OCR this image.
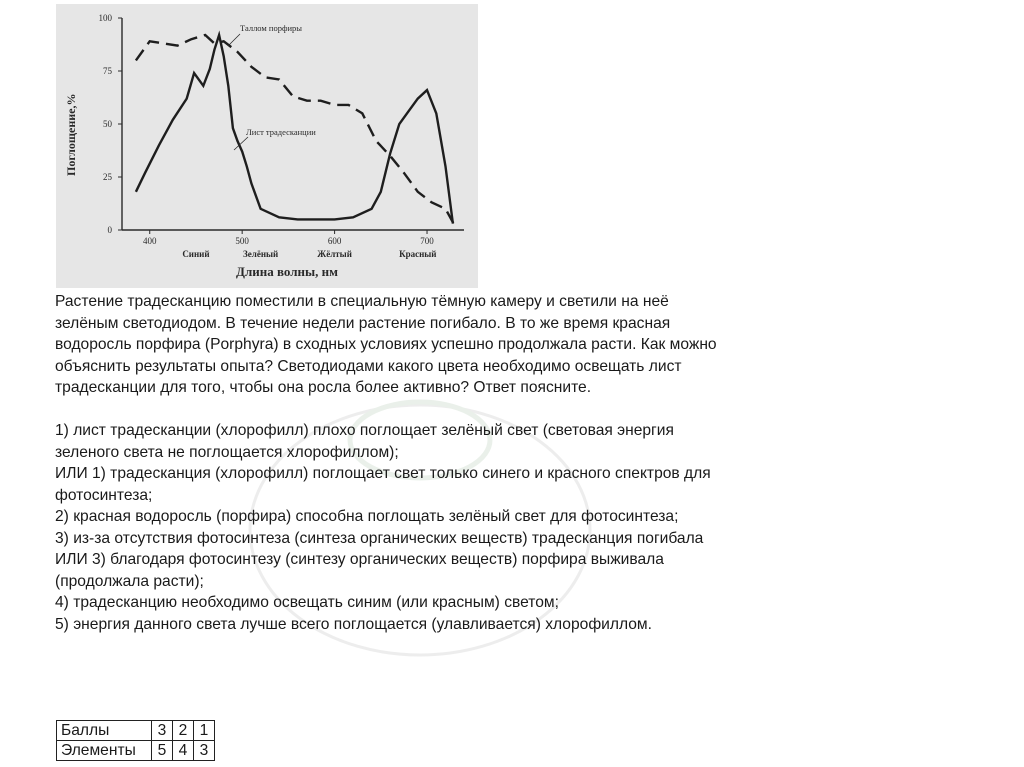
0
25
50
75
100
400	500	600	700
Таллом порфиры
Лист традесканции
Синий	Зелёный	Жёлтый	Красный
Длина волны, нм
Поглощение,%

Растение традесканцию поместили в специальную тёмную камеру и светили на неё зелёным светодиодом. В течение недели растение погибало. В то же время красная водоросль порфира (Porphyra) в сходных условиях успешно продолжала расти. Как можно объяснить результаты опыта? Светодиодами какого цвета необходимо освещать лист традесканции для того, чтобы она росла более активно? Ответ поясните.

1) лист традесканции (хлорофилл) плохо поглощает зелёный свет (световая энергия зеленого света не поглощается хлорофиллом);

ИЛИ 1) традесканция (хлорофилл) поглощает свет только синего и красного спектров для фотосинтеза;

2) красная водоросль (порфира) способна поглощать зелёный свет для фотосинтеза;

3) из-за отсутствия фотосинтеза (синтеза органических веществ) традесканция погибала

ИЛИ 3) благодаря фотосинтезу (синтезу органических веществ) порфира выживала (продолжала расти);

4) традесканцию необходимо освещать синим (или красным) светом;

5) энергия данного света лучше всего поглощается (улавливается) хлорофиллом.

Баллы	3	2	1
Элементы	5	4	3
